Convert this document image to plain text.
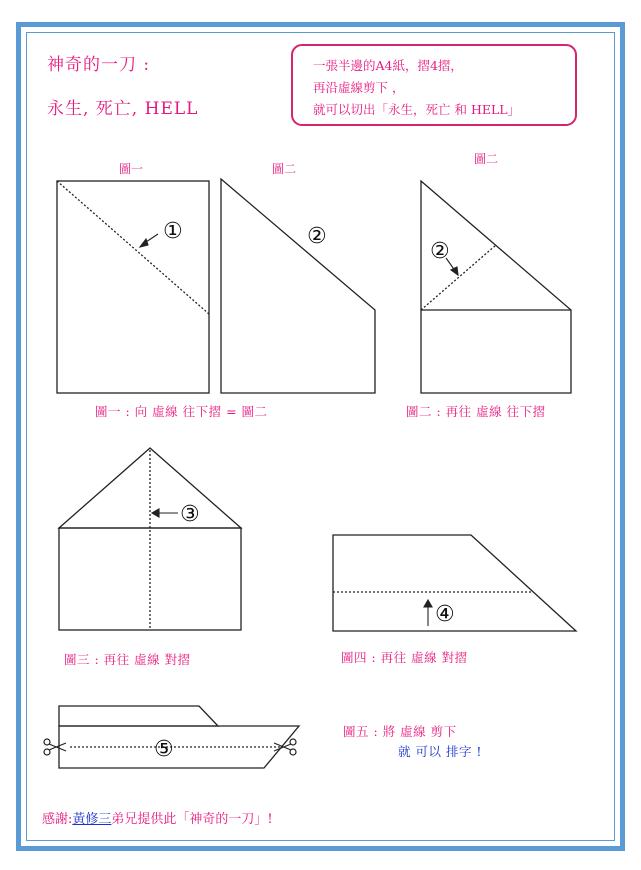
神奇的一刀 :
永生, 死亡, HELL
一張半邊的A4紙，摺4摺，
再沿虛線剪下 ，
就可以切出「永生，死亡 和 HELL」
圖一	圖二
圖二
①	②
②
③
④
⑤
圖一 : 向 虛線 往下摺 = 圖二	圖二 : 再往 虛線 往下摺
圖三 : 再往 虛線 對摺	圖四 : 再往 虛線 對摺
圖五 : 將 虛線 剪下
就 可以 排字 !
感謝:黃修三弟兄提供此「神奇的一刀」!
